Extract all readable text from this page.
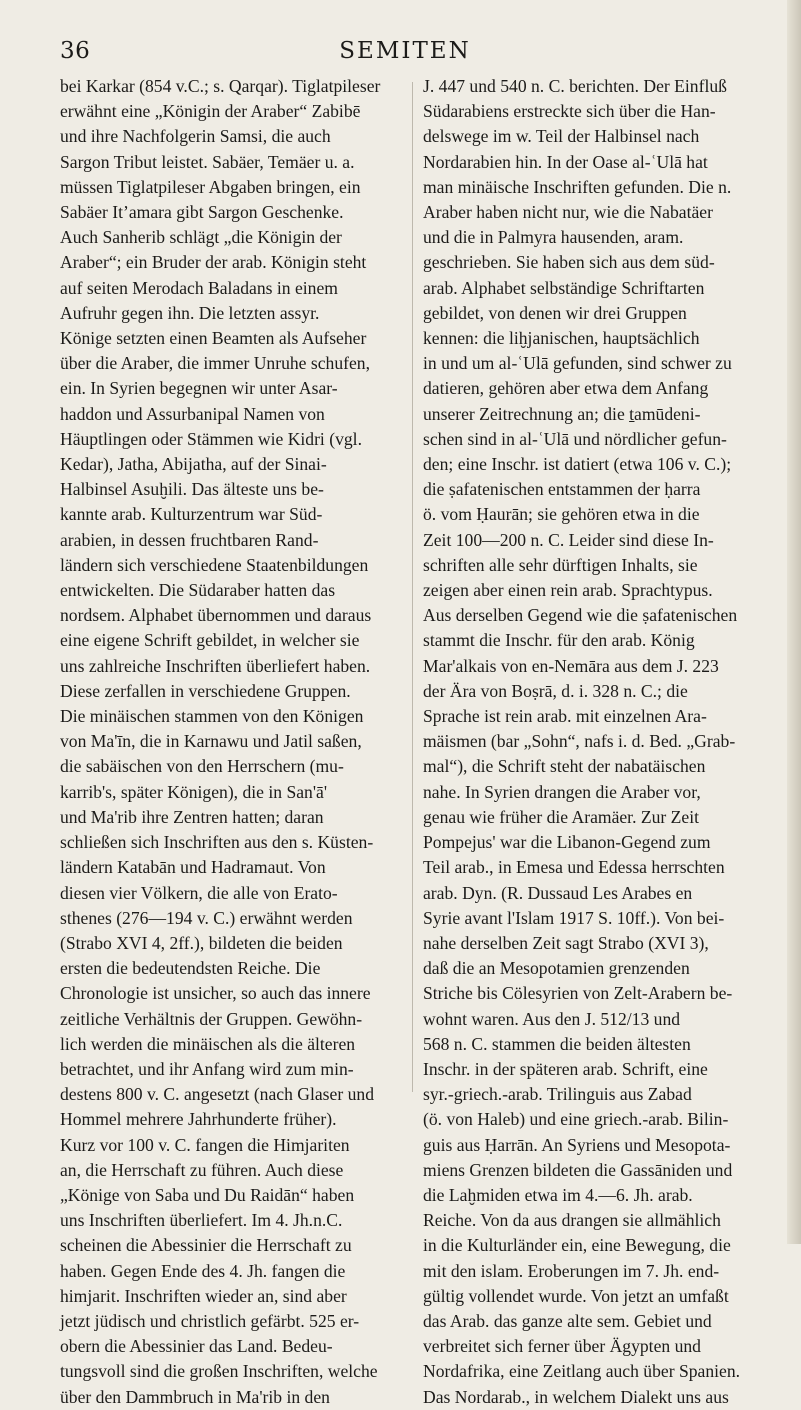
36	SEMITEN
bei Karkar (854 v.C.; s. Qarqar). Tiglatpileser
erwähnt eine „Königin der Araber“ Zabibē
und ihre Nachfolgerin Samsi, die auch
Sargon Tribut leistet. Sabäer, Temäer u. a.
müssen Tiglatpileser Abgaben bringen, ein
Sabäer It’amara gibt Sargon Geschenke.
Auch Sanherib schlägt „die Königin der
Araber“; ein Bruder der arab. Königin steht
auf seiten Merodach Baladans in einem
Aufruhr gegen ihn. Die letzten assyr.
Könige setzten einen Beamten als Aufseher
über die Araber, die immer Unruhe schufen,
ein. In Syrien begegnen wir unter Asar-
haddon und Assurbanipal Namen von
Häuptlingen oder Stämmen wie Kidri (vgl.
Kedar), Jatha, Abijatha, auf der Sinai-
Halbinsel Asuḫili. Das älteste uns be-
kannte arab. Kulturzentrum war Süd-
arabien, in dessen fruchtbaren Rand-
ländern sich verschiedene Staatenbildungen
entwickelten. Die Südaraber hatten das
nordsem. Alphabet übernommen und daraus
eine eigene Schrift gebildet, in welcher sie
uns zahlreiche Inschriften überliefert haben.
Diese zerfallen in verschiedene Gruppen.
Die minäischen stammen von den Königen
von Ma'īn, die in Karnawu und Jatil saßen,
die sabäischen von den Herrschern (mu-
karrib's, später Königen), die in San'ā'
und Ma'rib ihre Zentren hatten; daran
schließen sich Inschriften aus den s. Küsten-
ländern Katabān und Hadramaut. Von
diesen vier Völkern, die alle von Erato-
sthenes (276—194 v. C.) erwähnt werden
(Strabo XVI 4, 2ff.), bildeten die beiden
ersten die bedeutendsten Reiche. Die
Chronologie ist unsicher, so auch das innere
zeitliche Verhältnis der Gruppen. Gewöhn-
lich werden die minäischen als die älteren
betrachtet, und ihr Anfang wird zum min-
destens 800 v. C. angesetzt (nach Glaser und
Hommel mehrere Jahrhunderte früher).
Kurz vor 100 v. C. fangen die Himjariten
an, die Herrschaft zu führen. Auch diese
„Könige von Saba und Du Raidān“ haben
uns Inschriften überliefert. Im 4. Jh.n.C.
scheinen die Abessinier die Herrschaft zu
haben. Gegen Ende des 4. Jh. fangen die
himjarit. Inschriften wieder an, sind aber
jetzt jüdisch und christlich gefärbt. 525 er-
obern die Abessinier das Land. Bedeu-
tungsvoll sind die großen Inschriften, welche
über den Dammbruch in Ma'rib in den
J. 447 und 540 n. C. berichten. Der Einfluß
Südarabiens erstreckte sich über die Han-
delswege im w. Teil der Halbinsel nach
Nordarabien hin. In der Oase al-ʿUlā hat
man minäische Inschriften gefunden. Die n.
Araber haben nicht nur, wie die Nabatäer
und die in Palmyra hausenden, aram.
geschrieben. Sie haben sich aus dem süd-
arab. Alphabet selbständige Schriftarten
gebildet, von denen wir drei Gruppen
kennen: die liḫjanischen, hauptsächlich
in und um al-ʿUlā gefunden, sind schwer zu
datieren, gehören aber etwa dem Anfang
unserer Zeitrechnung an; die ṯamūdeni-
schen sind in al-ʿUlā und nördlicher gefun-
den; eine Inschr. ist datiert (etwa 106 v. C.);
die ṣafatenischen entstammen der ḥarra
ö. vom Ḥaurān; sie gehören etwa in die
Zeit 100—200 n. C. Leider sind diese In-
schriften alle sehr dürftigen Inhalts, sie
zeigen aber einen rein arab. Sprachtypus.
Aus derselben Gegend wie die ṣafatenischen
stammt die Inschr. für den arab. König
Mar'alkais von en-Nemāra aus dem J. 223
der Ära von Boṣrā, d. i. 328 n. C.; die
Sprache ist rein arab. mit einzelnen Ara-
mäismen (bar „Sohn“, nafs i. d. Bed. „Grab-
mal“), die Schrift steht der nabatäischen
nahe. In Syrien drangen die Araber vor,
genau wie früher die Aramäer. Zur Zeit
Pompejus' war die Libanon-Gegend zum
Teil arab., in Emesa und Edessa herrschten
arab. Dyn. (R. Dussaud Les Arabes en
Syrie avant l'Islam 1917 S. 10ff.). Von bei-
nahe derselben Zeit sagt Strabo (XVI 3),
daß die an Mesopotamien grenzenden
Striche bis Cölesyrien von Zelt-Arabern be-
wohnt waren. Aus den J. 512/13 und
568 n. C. stammen die beiden ältesten
Inschr. in der späteren arab. Schrift, eine
syr.-griech.-arab. Trilinguis aus Zabad
(ö. von Haleb) und eine griech.-arab. Bilin-
guis aus Ḥarrān. An Syriens und Mesopota-
miens Grenzen bildeten die Gassāniden und
die Laḫmiden etwa im 4.—6. Jh. arab.
Reiche. Von da aus drangen sie allmählich
in die Kulturländer ein, eine Bewegung, die
mit den islam. Eroberungen im 7. Jh. end-
gültig vollendet wurde. Von jetzt an umfaßt
das Arab. das ganze alte sem. Gebiet und
verbreitet sich ferner über Ägypten und
Nordafrika, eine Zeitlang auch über Spanien.
Das Nordarab., in welchem Dialekt uns aus
